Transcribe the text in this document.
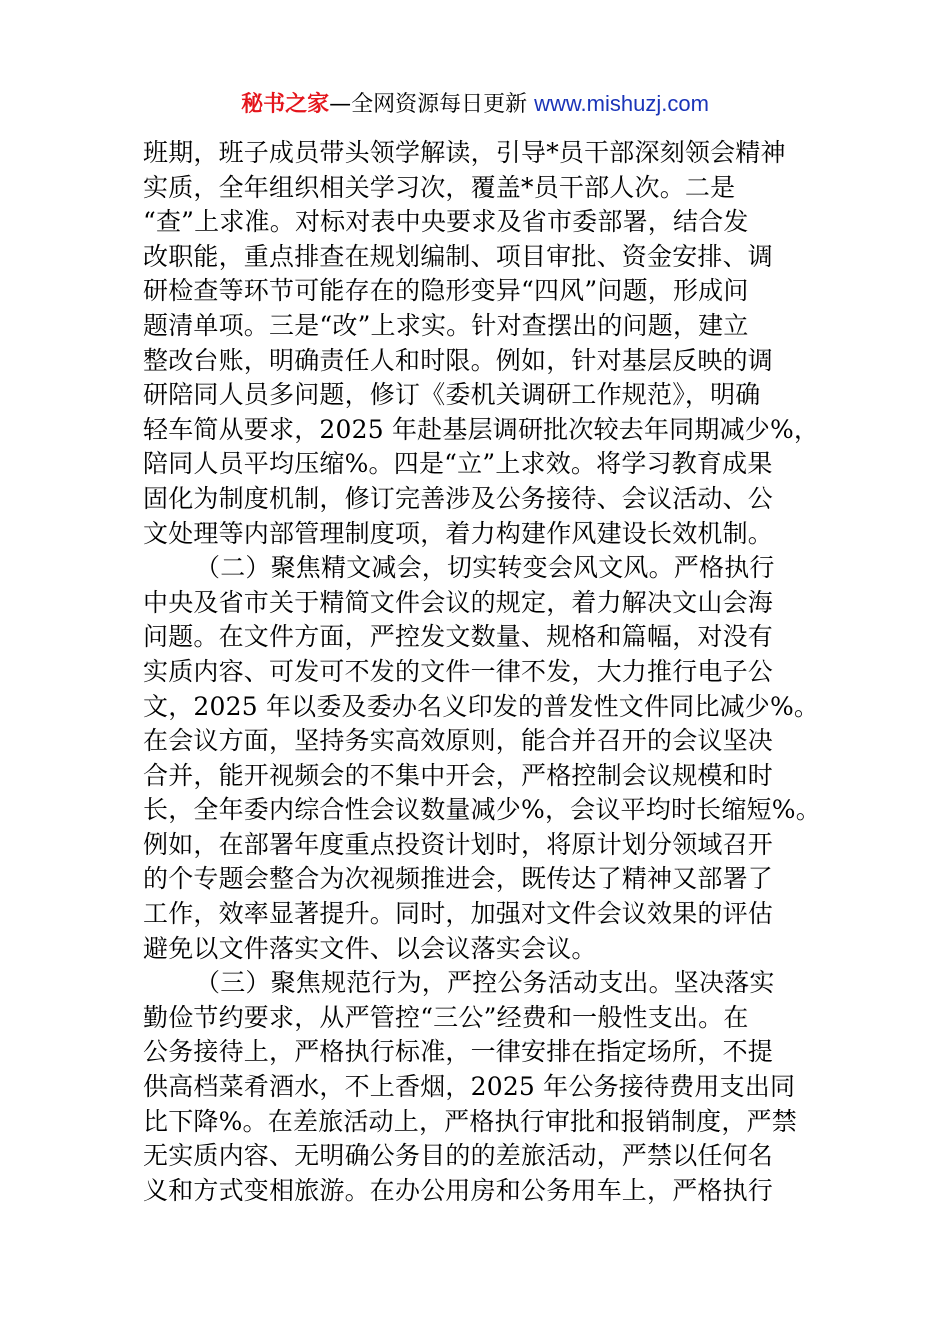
秘书之家—全网资源每日更新 www.mishuzj.com
班期，班子成员带头领学解读，引导*员干部深刻领会精神
实质，全年组织相关学习次，覆盖*员干部人次。二是
“查”上求准。对标对表中央要求及省市委部署，结合发
改职能，重点排查在规划编制、项目审批、资金安排、调
研检查等环节可能存在的隐形变异“四风”问题，形成问
题清单项。三是“改”上求实。针对查摆出的问题，建立
整改台账，明确责任人和时限。例如，针对基层反映的调
研陪同人员多问题，修订《委机关调研工作规范》，明确
轻车简从要求，2025 年赴基层调研批次较去年同期减少%，
陪同人员平均压缩%。四是“立”上求效。将学习教育成果
固化为制度机制，修订完善涉及公务接待、会议活动、公
文处理等内部管理制度项，着力构建作风建设长效机制。
（二）聚焦精文减会，切实转变会风文风。严格执行
中央及省市关于精简文件会议的规定，着力解决文山会海
问题。在文件方面，严控发文数量、规格和篇幅，对没有
实质内容、可发可不发的文件一律不发，大力推行电子公
文，2025 年以委及委办名义印发的普发性文件同比减少%。
在会议方面，坚持务实高效原则，能合并召开的会议坚决
合并，能开视频会的不集中开会，严格控制会议规模和时
长，全年委内综合性会议数量减少%，会议平均时长缩短%。
例如，在部署年度重点投资计划时，将原计划分领域召开
的个专题会整合为次视频推进会，既传达了精神又部署了
工作，效率显著提升。同时，加强对文件会议效果的评估
避免以文件落实文件、以会议落实会议。
（三）聚焦规范行为，严控公务活动支出。坚决落实
勤俭节约要求，从严管控“三公”经费和一般性支出。在
公务接待上，严格执行标准，一律安排在指定场所，不提
供高档菜肴酒水，不上香烟，2025 年公务接待费用支出同
比下降%。在差旅活动上，严格执行审批和报销制度，严禁
无实质内容、无明确公务目的的差旅活动，严禁以任何名
义和方式变相旅游。在办公用房和公务用车上，严格执行
